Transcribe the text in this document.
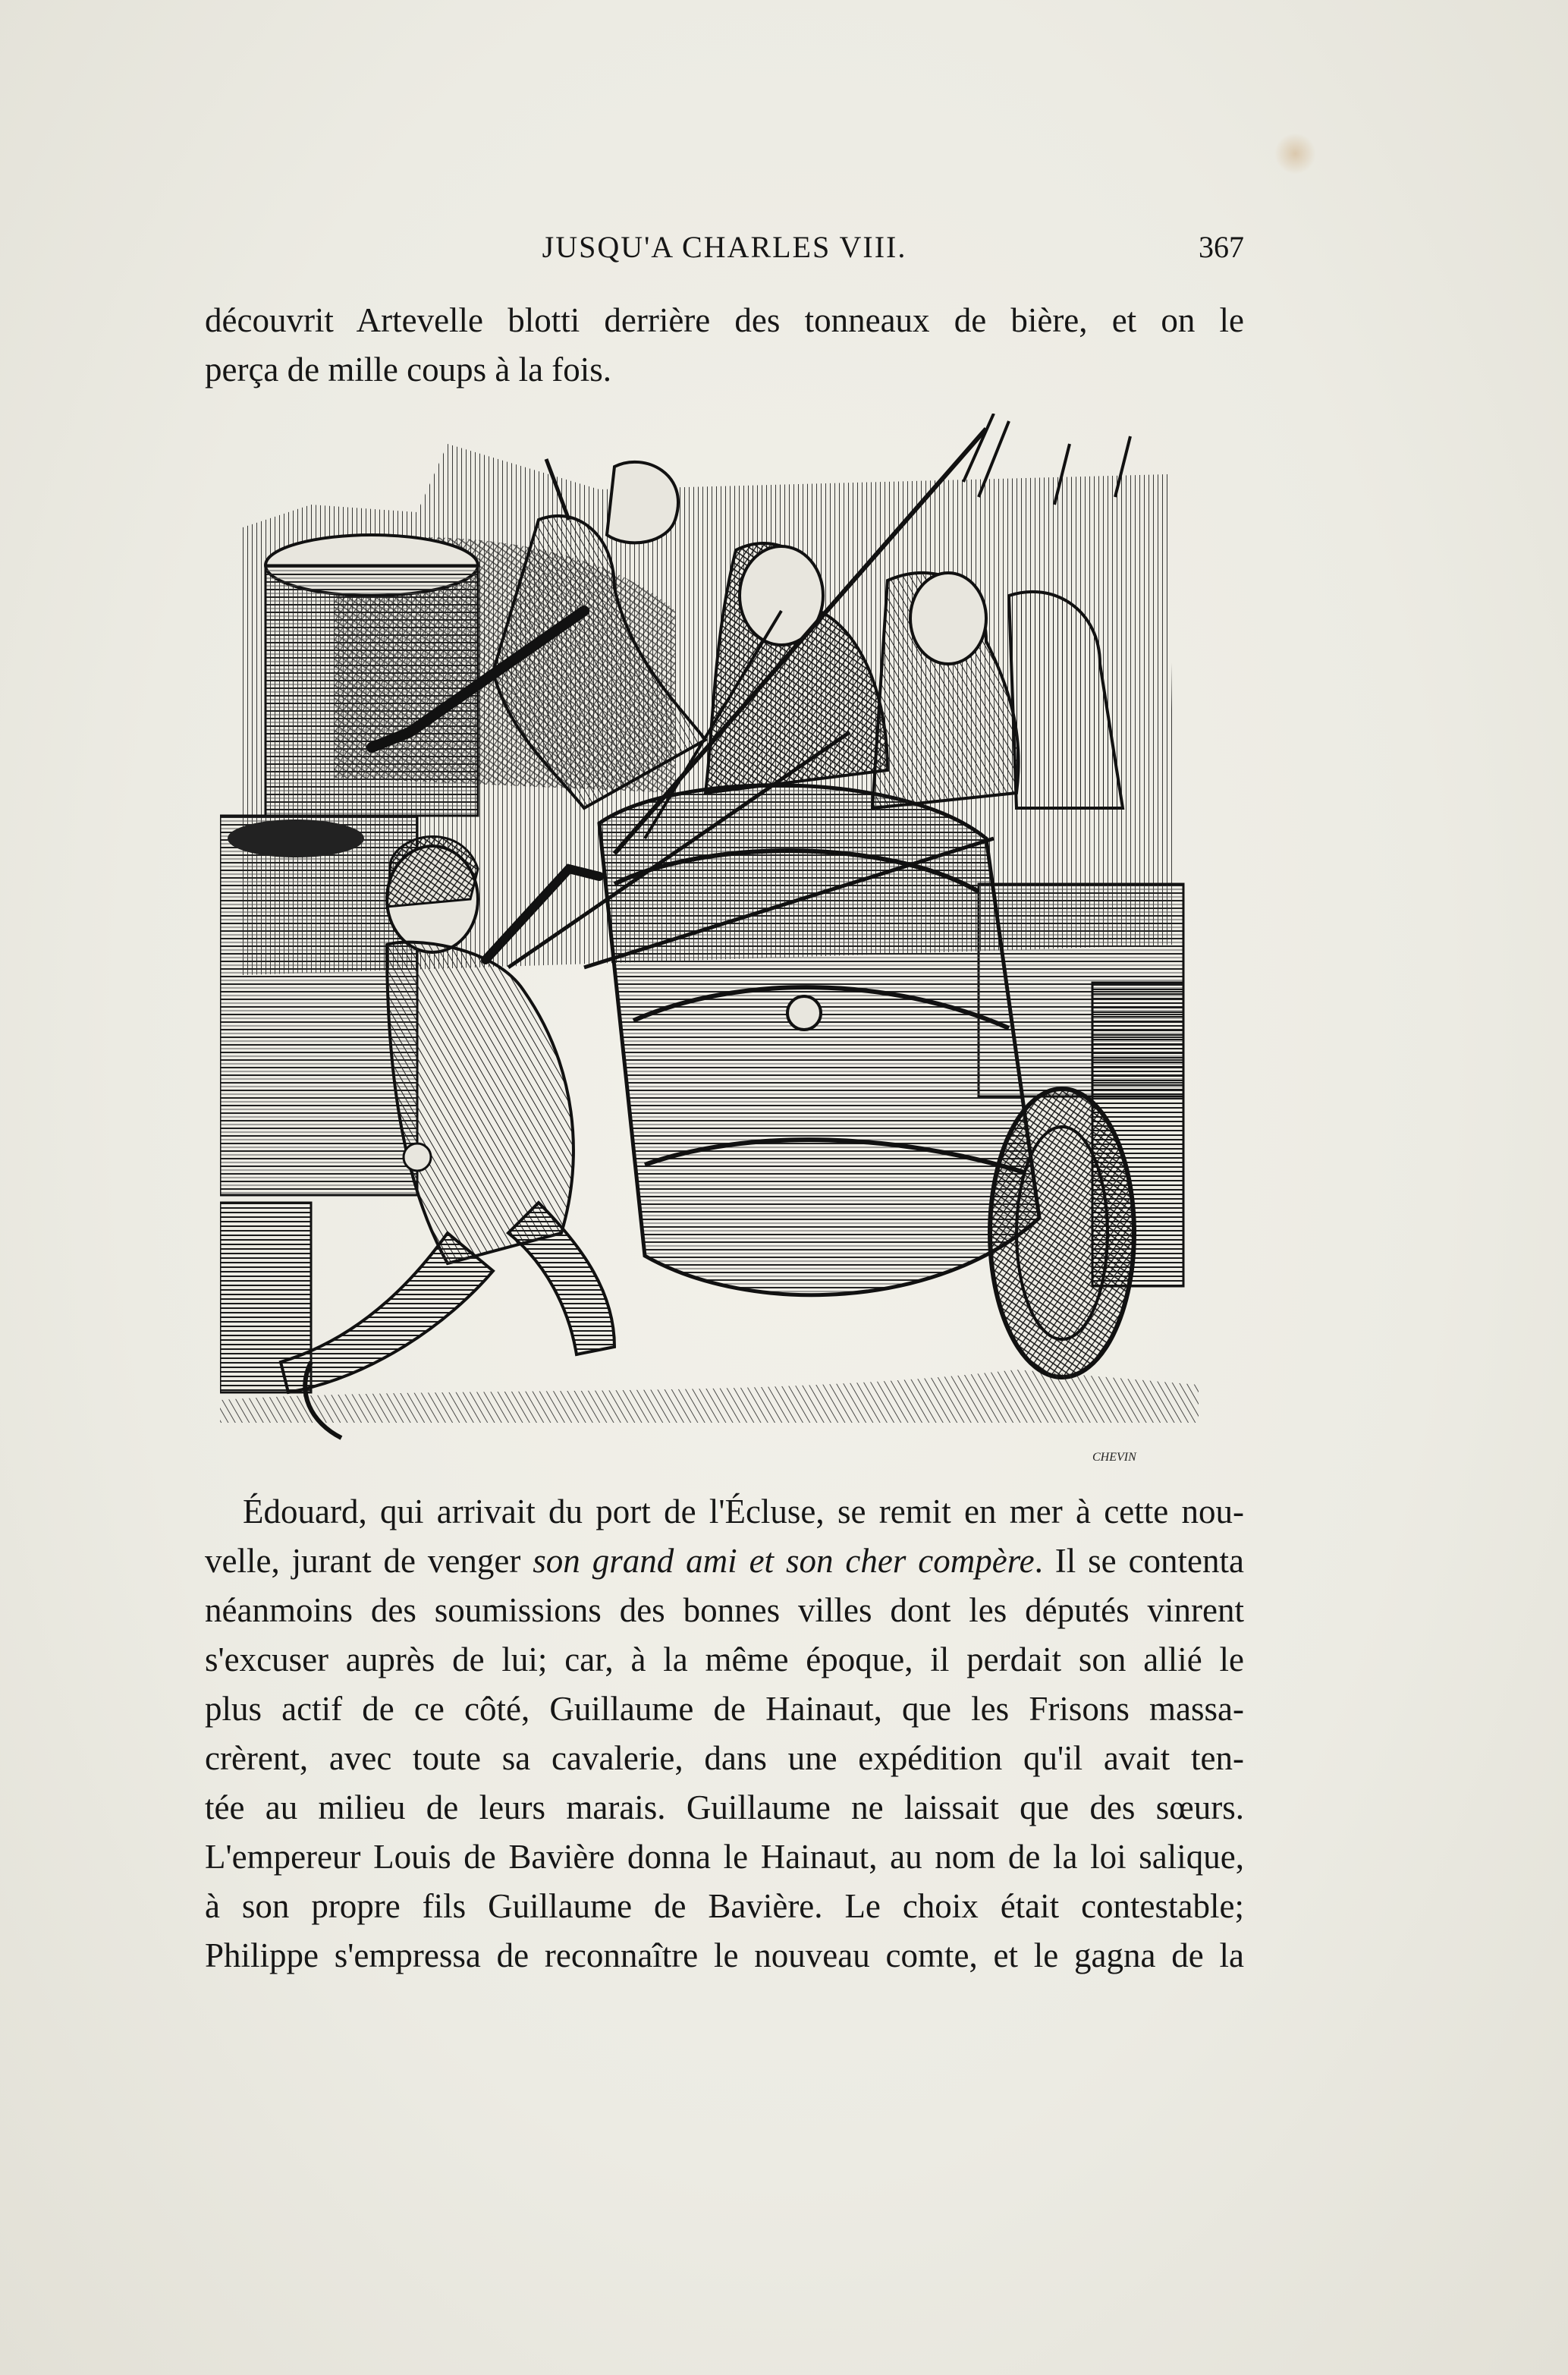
JUSQU'A CHARLES VIII.	367
découvrit Artevelle blotti derrière des tonneaux de bière, et on le
perça de mille coups à la fois.
CHEVIN
Édouard, qui arrivait du port de l'Écluse, se remit en mer à cette nou-
velle, jurant de venger son grand ami et son cher compère. Il se contenta
néanmoins des soumissions des bonnes villes dont les députés vinrent
s'excuser auprès de lui; car, à la même époque, il perdait son allié le
plus actif de ce côté, Guillaume de Hainaut, que les Frisons massa-
crèrent, avec toute sa cavalerie, dans une expédition qu'il avait ten-
tée au milieu de leurs marais. Guillaume ne laissait que des sœurs.
L'empereur Louis de Bavière donna le Hainaut, au nom de la loi salique,
à son propre fils Guillaume de Bavière. Le choix était contestable;
Philippe s'empressa de reconnaître le nouveau comte, et le gagna de la
